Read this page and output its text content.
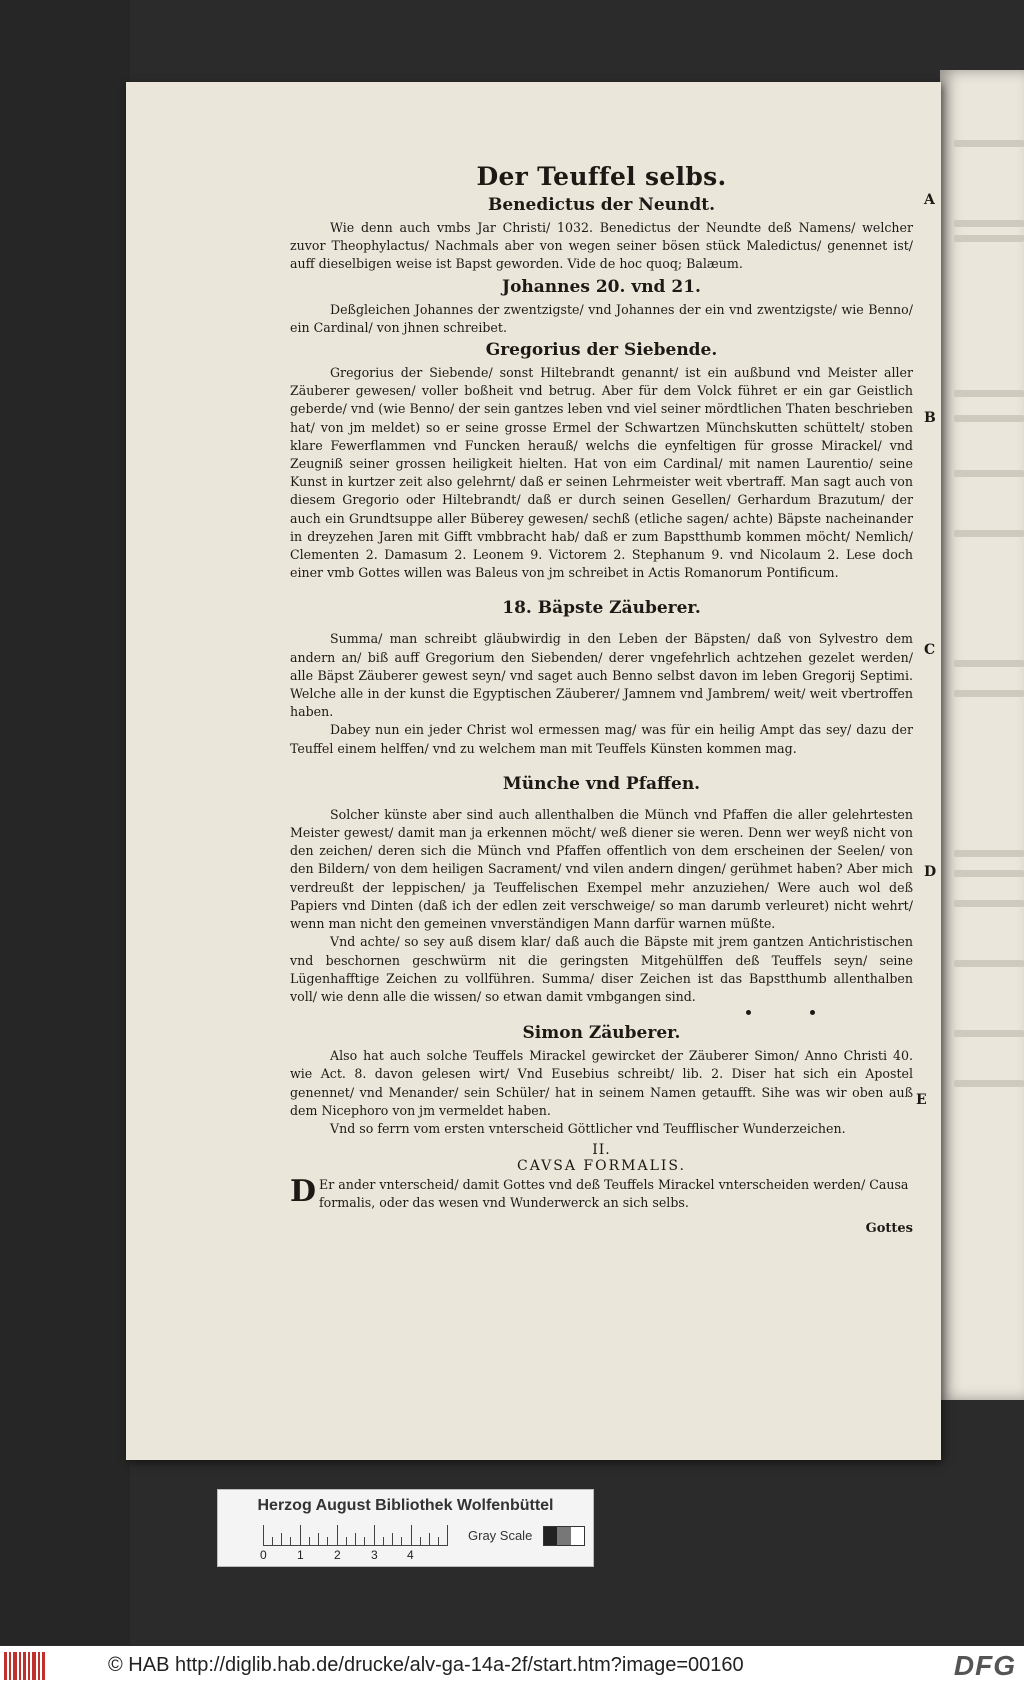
A
B
C
D
E
Der Teuffel selbs.
Benedictus der Neundt.

Wie denn auch vmbs Jar Christi/ 1032. Benedictus der Neundte deß Namens/ welcher zuvor Theophylactus/ Nachmals aber von wegen seiner bösen stück Maledictus/ genennet ist/ auff dieselbigen weise ist Bapst geworden. Vide de hoc quoq; Balæum.

Johannes 20. vnd 21.

Deßgleichen Johannes der zwentzigste/ vnd Johannes der ein vnd zwentzigste/ wie Benno/ ein Cardinal/ von jhnen schreibet.

Gregorius der Siebende.

Gregorius der Siebende/ sonst Hiltebrandt genannt/ ist ein außbund vnd Meister aller Zäuberer gewesen/ voller boßheit vnd betrug. Aber für dem Volck führet er ein gar Geistlich geberde/ vnd (wie Benno/ der sein gantzes leben vnd viel seiner mördtlichen Thaten beschrieben hat/ von jm meldet) so er seine grosse Ermel der Schwartzen Münchskutten schüttelt/ stoben klare Fewerflammen vnd Funcken herauß/ welchs die eynfeltigen für grosse Mirackel/ vnd Zeugniß seiner grossen heiligkeit hielten. Hat von eim Cardinal/ mit namen Laurentio/ seine Kunst in kurtzer zeit also gelehrnt/ daß er seinen Lehrmeister weit vbertraff. Man sagt auch von diesem Gregorio oder Hiltebrandt/ daß er durch seinen Gesellen/ Gerhardum Brazutum/ der auch ein Grundtsuppe aller Büberey gewesen/ sechß (etliche sagen/ achte) Bäpste nacheinander in dreyzehen Jaren mit Gifft vmbbracht hab/ daß er zum Bapstthumb kommen möcht/ Nemlich/ Clementen 2. Damasum 2. Leonem 9. Victorem 2. Stephanum 9. vnd Nicolaum 2. Lese doch einer vmb Gottes willen was Baleus von jm schreibet in Actis Romanorum Pontificum.

18. Bäpste Zäuberer.

Summa/ man schreibt gläubwirdig in den Leben der Bäpsten/ daß von Sylvestro dem andern an/ biß auff Gregorium den Siebenden/ derer vngefehrlich achtzehen gezelet werden/ alle Bäpst Zäuberer gewest seyn/ vnd saget auch Benno selbst davon im leben Gregorij Septimi. Welche alle in der kunst die Egyptischen Zäuberer/ Jamnem vnd Jambrem/ weit/ weit vbertroffen haben.

Dabey nun ein jeder Christ wol ermessen mag/ was für ein heilig Ampt das sey/ dazu der Teuffel einem helffen/ vnd zu welchem man mit Teuffels Künsten kommen mag.

Münche vnd Pfaffen.

Solcher künste aber sind auch allenthalben die Münch vnd Pfaffen die aller gelehrtesten Meister gewest/ damit man ja erkennen möcht/ weß diener sie weren. Denn wer weyß nicht von den zeichen/ deren sich die Münch vnd Pfaffen offentlich von dem erscheinen der Seelen/ von den Bildern/ von dem heiligen Sacrament/ vnd vilen andern dingen/ gerühmet haben? Aber mich verdreußt der leppischen/ ja Teuffelischen Exempel mehr anzuziehen/ Were auch wol deß Papiers vnd Dinten (daß ich der edlen zeit verschweige/ so man darumb verleuret) nicht wehrt/ wenn man nicht den gemeinen vnverständigen Mann darfür warnen müßte.

Vnd achte/ so sey auß disem klar/ daß auch die Bäpste mit jrem gantzen Antichristischen vnd beschornen geschwürm nit die geringsten Mitgehülffen deß Teuffels seyn/ seine Lügenhafftige Zeichen zu vollführen. Summa/ diser Zeichen ist das Bapstthumb allenthalben voll/ wie denn alle die wissen/ so etwan damit vmbgangen sind.

Simon Zäuberer.

Also hat auch solche Teuffels Mirackel gewircket der Zäuberer Simon/ Anno Christi 40. wie Act. 8. davon gelesen wirt/ Vnd Eusebius schreibt/ lib. 2. Diser hat sich ein Apostel genennet/ vnd Menander/ sein Schüler/ hat in seinem Namen getaufft. Sihe was wir oben auß dem Nicephoro von jm vermeldet haben.

Vnd so ferrn vom ersten vnterscheid Göttlicher vnd Teufflischer Wunderzeichen.

II.
CAVSA FORMALIS.

D Er ander vnterscheid/ damit Gottes vnd deß Teuffels Mirackel vnterscheiden werden/ Causa formalis, oder das wesen vnd Wunderwerck an sich selbs.

Gottes
Herzog August Bibliothek Wolfenbüttel
0	1	2	3 4
Gray Scale
© HAB http://diglib.hab.de/drucke/alv-ga-14a-2f/start.htm?image=00160	DFG
